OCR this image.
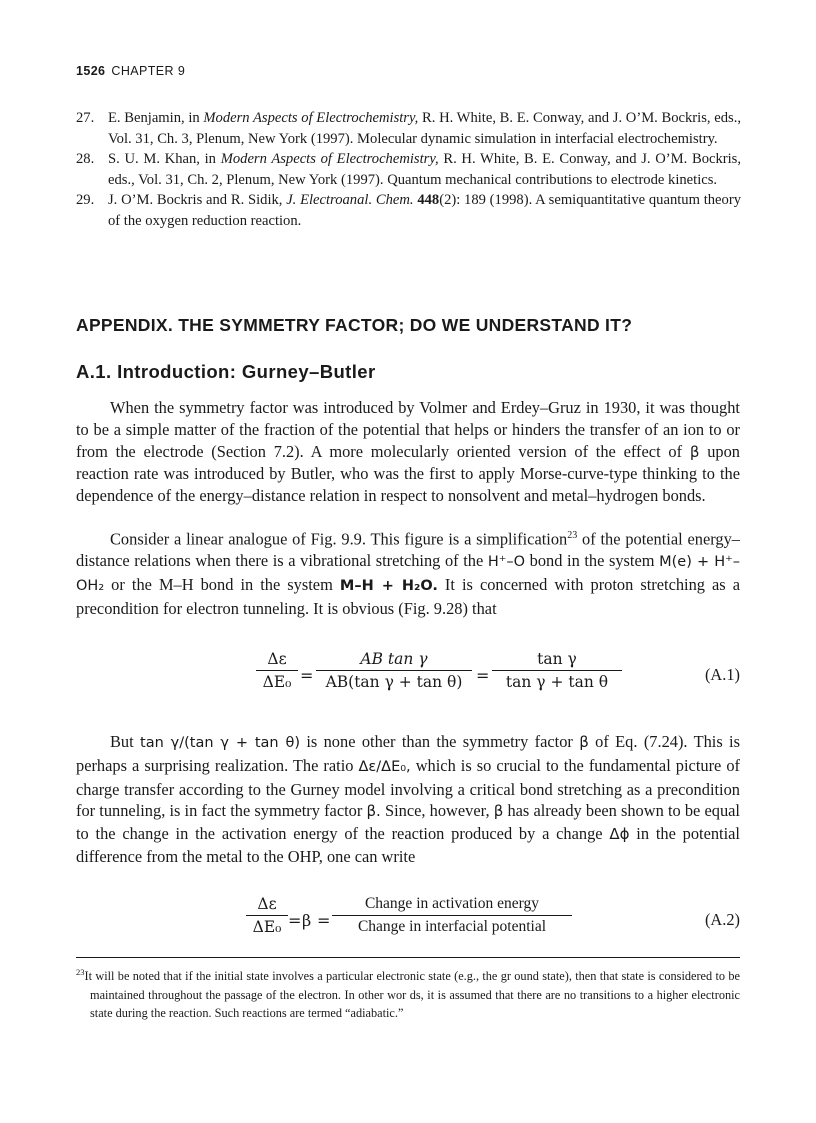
1526 CHAPTER 9
27. E. Benjamin, in Modern Aspects of Electrochemistry, R. H. White, B. E. Conway, and J. O’M. Bockris, eds., Vol. 31, Ch. 3, Plenum, New York (1997). Molecular dynamic simulation in interfacial electrochemistry.
28. S. U. M. Khan, in Modern Aspects of Electrochemistry, R. H. White, B. E. Conway, and J. O’M. Bockris, eds., Vol. 31, Ch. 2, Plenum, New York (1997). Quantum mechanical contributions to electrode kinetics.
29. J. O’M. Bockris and R. Sidik, J. Electroanal. Chem. 448(2): 189 (1998). A semiquantitative quantum theory of the oxygen reduction reaction.
APPENDIX. THE SYMMETRY FACTOR; DO WE UNDERSTAND IT?
A.1. Introduction: Gurney–Butler

When the symmetry factor was introduced by Volmer and Erdey–Gruz in 1930, it was thought to be a simple matter of the fraction of the potential that helps or hinders the transfer of an ion to or from the electrode (Section 7.2). A more molecularly oriented version of the effect of β upon reaction rate was introduced by Butler, who was the first to apply Morse-curve-type thinking to the dependence of the energy–distance relation in respect to nonsolvent and metal–hydrogen bonds.

Consider a linear analogue of Fig. 9.9. This figure is a simplification$^{23}$ of the potential energy–distance relations when there is a vibrational stretching of the H⁺–O bond in the system M(e) + H⁺–OH₂ or the M–H bond in the system M–H + H₂O. It is concerned with proton stretching as a precondition for electron tunneling. It is obvious (Fig. 9.28) that

Δε
ΔE₀ =
AB tan γ
AB(tan γ + tan θ) =
tan γ
tan γ + tan θ	(A.1)

But tan γ/(tan γ + tan θ) is none other than the symmetry factor β of Eq. (7.24). This is perhaps a surprising realization. The ratio Δε/ΔE₀, which is so crucial to the fundamental picture of charge transfer according to the Gurney model involving a critical bond stretching as a precondition for tunneling, is in fact the symmetry factor β. Since, however, β has already been shown to be equal to the change in the activation energy of the reaction produced by a change Δϕ in the potential difference from the metal to the OHP, one can write

Δε
ΔE₀ = β =
Change in activation energy
Change in interfacial potential	(A.2)
$^{23}$It will be noted that if the initial state involves a particular electronic state (e.g., the gr ound state), then that state is considered to be maintained throughout the passage of the electron. In other wor ds, it is assumed that there are no transitions to a higher electronic state during the reaction. Such reactions are termed “adiabatic.”
